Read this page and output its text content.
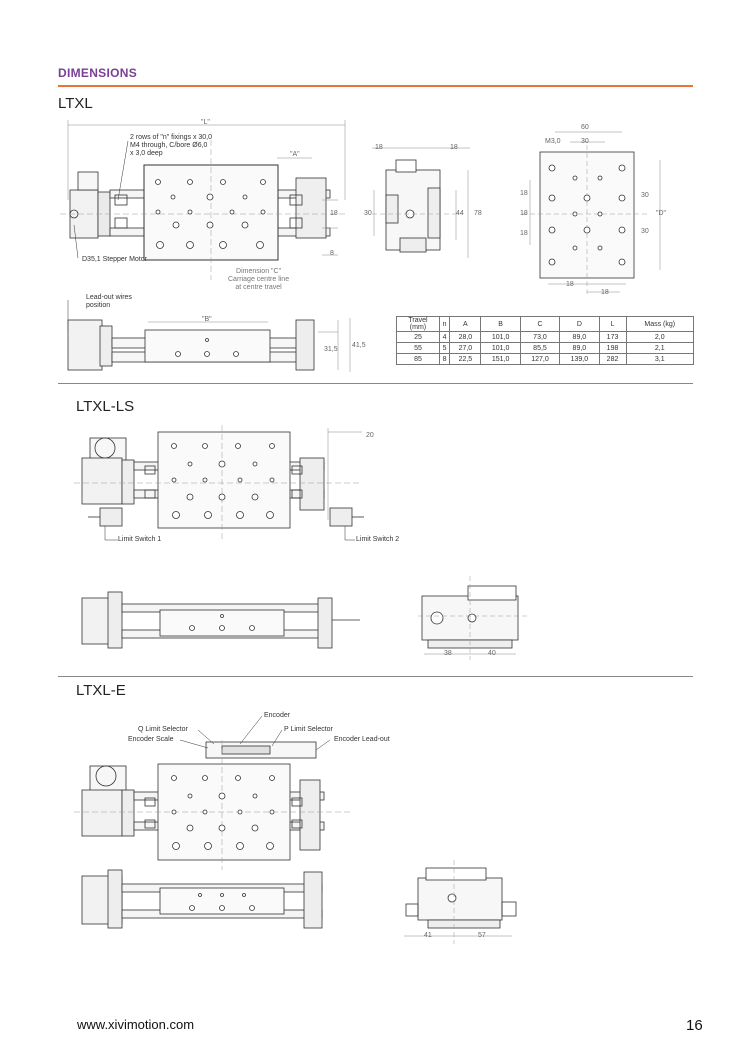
DIMENSIONS
LTXL
"L"
"A"
2 rows of "n" fixings x 30,0
M4 through, C/bore Ø6,0
x 3,0 deep
D35,1 Stepper Motor
Dimension "C"
Carriage centre line
at centre travel
18
8
18	18
30	44 78
60
30
M3,0
"D"
18
18
18
30
30
18
18
Lead-out wires
position
"B"
31,5
41,5
Travel
(mm)	n	A	B	C	D	L	Mass (kg)
25	4	28,0	101,0	73,0	89,0	173	2,0
55	5	27,0	101,0	85,5	89,0	198	2,1
85	8	22,5	151,0	127,0	139,0	282	3,1
LTXL-LS
20
Limit Switch 1	Limit Switch 2
38	40
LTXL-E
Encoder
Q Limit Selector	P Limit Selector
Encoder Scale	Encoder Lead-out
41	57
www.xivimotion.com	16
